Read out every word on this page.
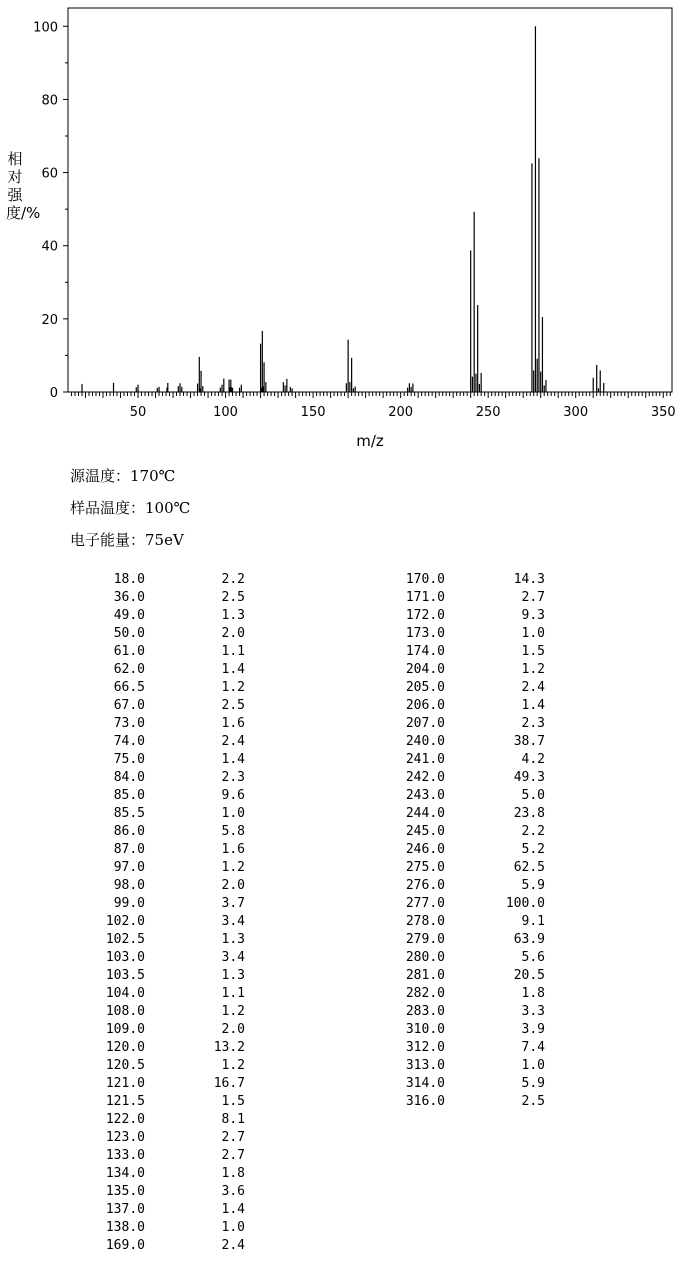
0
20
40
60
80
100
50	100	150	200	250	300	350
m/z
相对强度/%
源温度：170℃
样品温度：100℃
电子能量：75eV
18.0	2.2
36.0	2.5
49.0	1.3
50.0	2.0
61.0	1.1
62.0	1.4
66.5	1.2
67.0	2.5
73.0	1.6
74.0	2.4
75.0	1.4
84.0	2.3
85.0	9.6
85.5	1.0
86.0	5.8
87.0	1.6
97.0	1.2
98.0	2.0
99.0	3.7
102.0	3.4
102.5	1.3
103.0	3.4
103.5	1.3
104.0	1.1
108.0	1.2
109.0	2.0
120.0	13.2
120.5	1.2
121.0	16.7
121.5	1.5
122.0	8.1
123.0	2.7
133.0	2.7
134.0	1.8
135.0	3.6
137.0	1.4
138.0	1.0
169.0	2.4
170.0	14.3
171.0	2.7
172.0	9.3
173.0	1.0
174.0	1.5
204.0	1.2
205.0	2.4
206.0	1.4
207.0	2.3
240.0	38.7
241.0	4.2
242.0	49.3
243.0	5.0
244.0	23.8
245.0	2.2
246.0	5.2
275.0	62.5
276.0	5.9
277.0	100.0
278.0	9.1
279.0	63.9
280.0	5.6
281.0	20.5
282.0	1.8
283.0	3.3
310.0	3.9
312.0	7.4
313.0	1.0
314.0	5.9
316.0	2.5
